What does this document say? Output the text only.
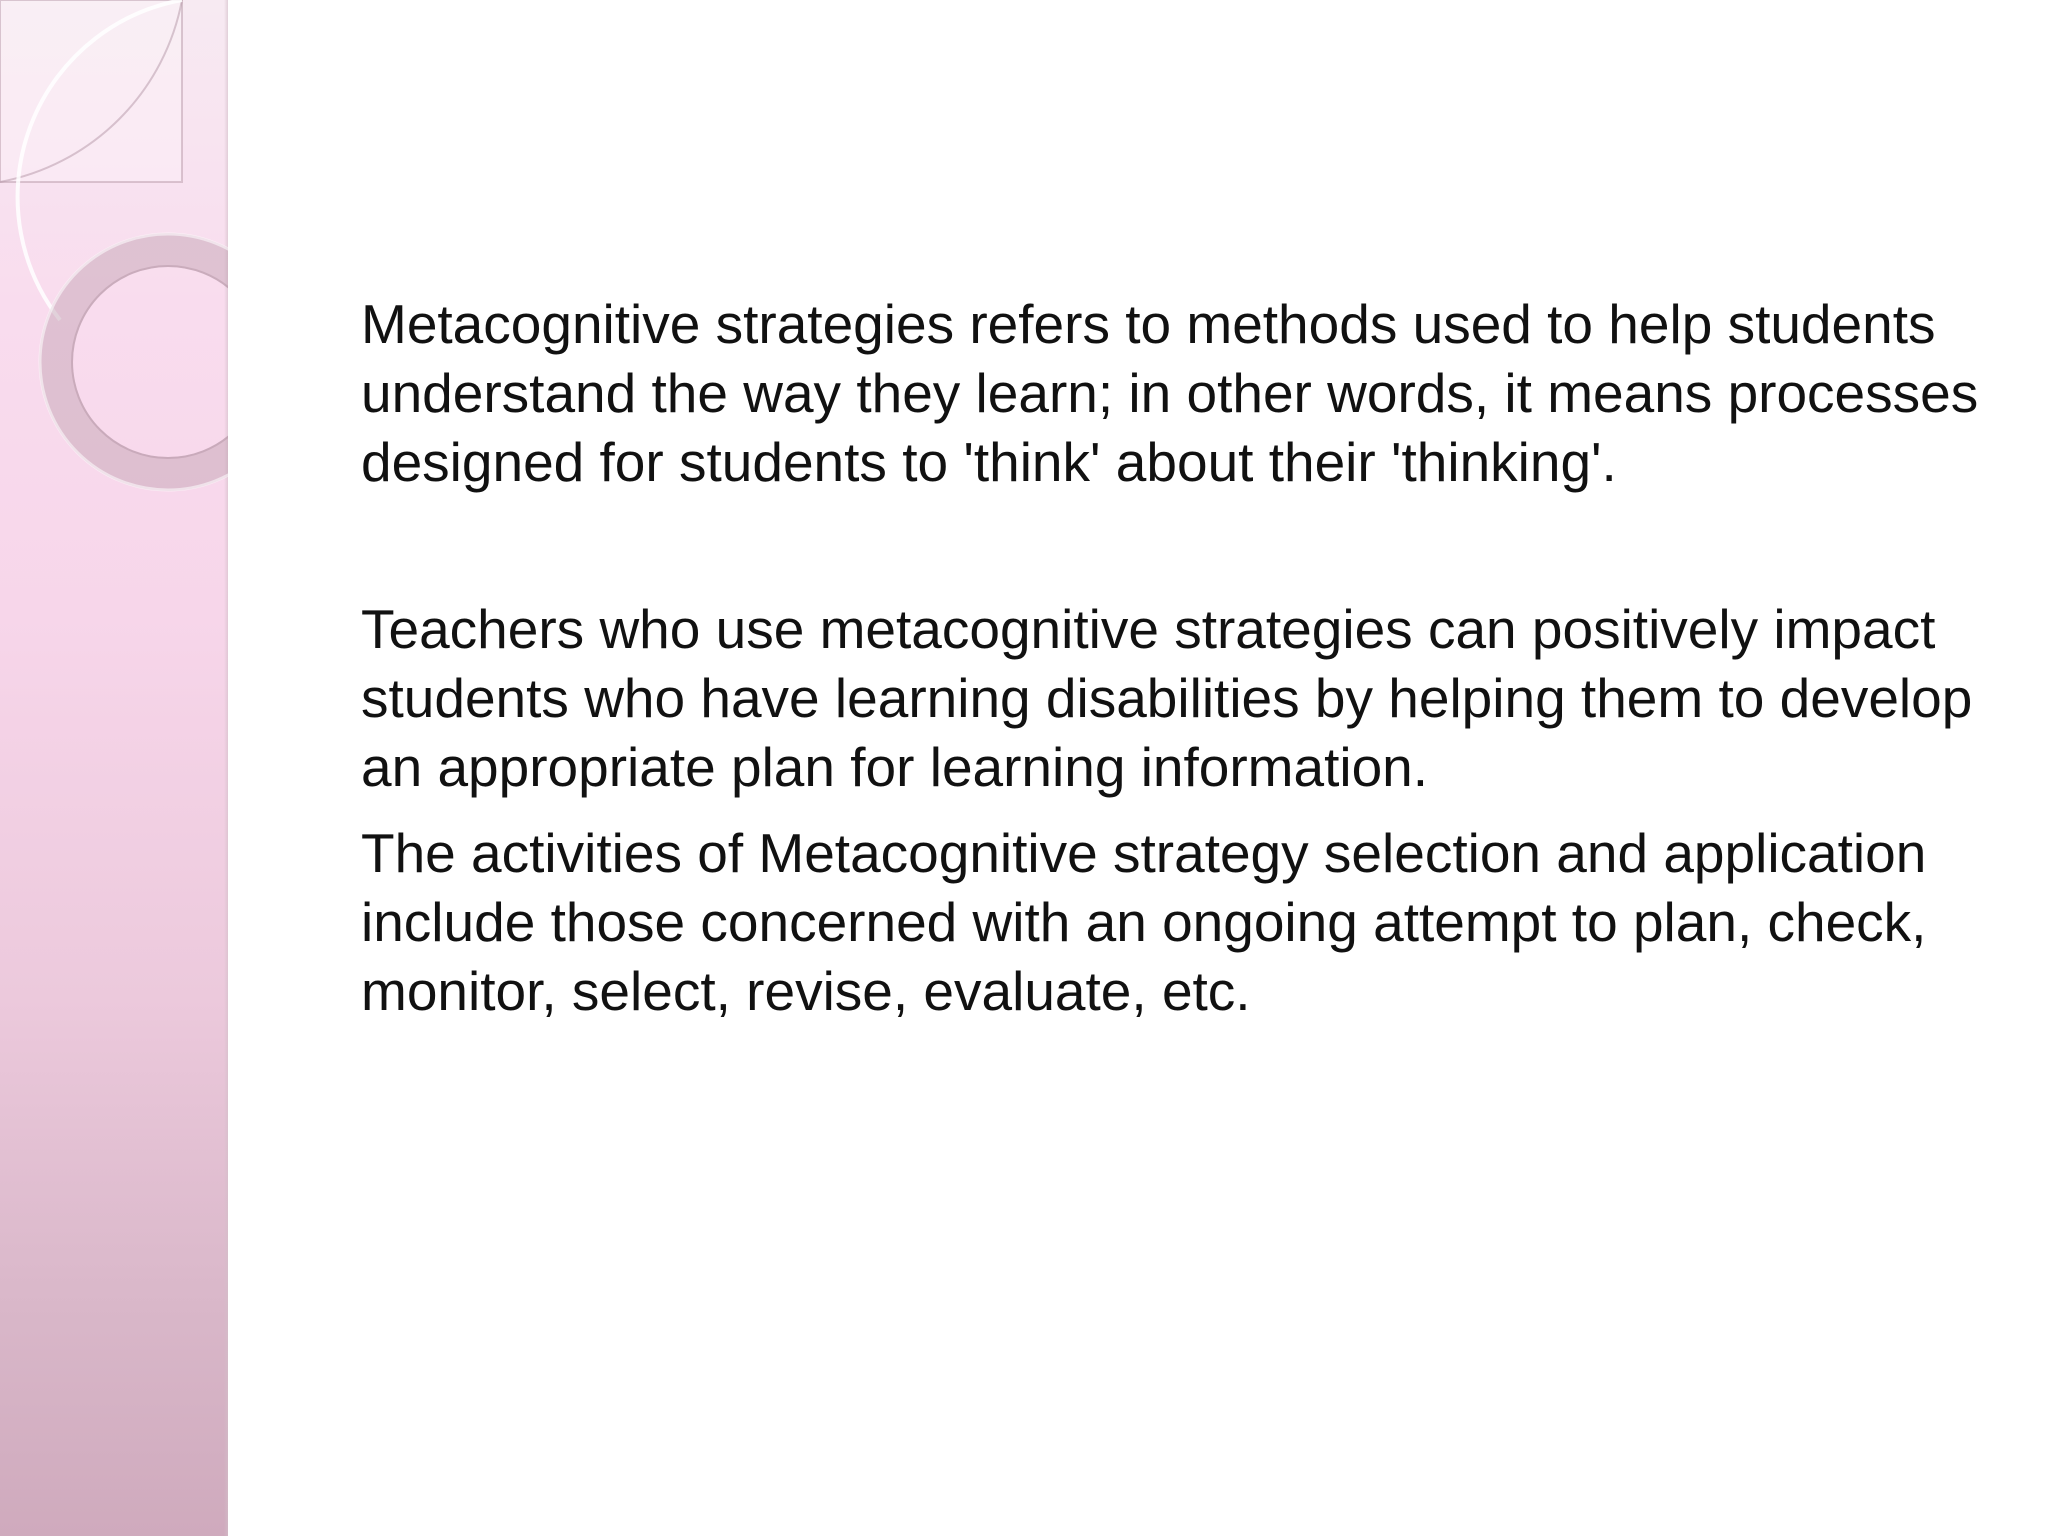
Metacognitive strategies refers to methods used to help students understand the way they learn; in other words, it means processes designed for students to 'think' about their 'thinking'.

Teachers who use metacognitive strategies can positively impact students who have learning disabilities by helping them to develop an appropriate plan for learning information.

The activities of Metacognitive strategy selection and application include those concerned with an ongoing attempt to plan, check, monitor, select, revise, evaluate, etc.
